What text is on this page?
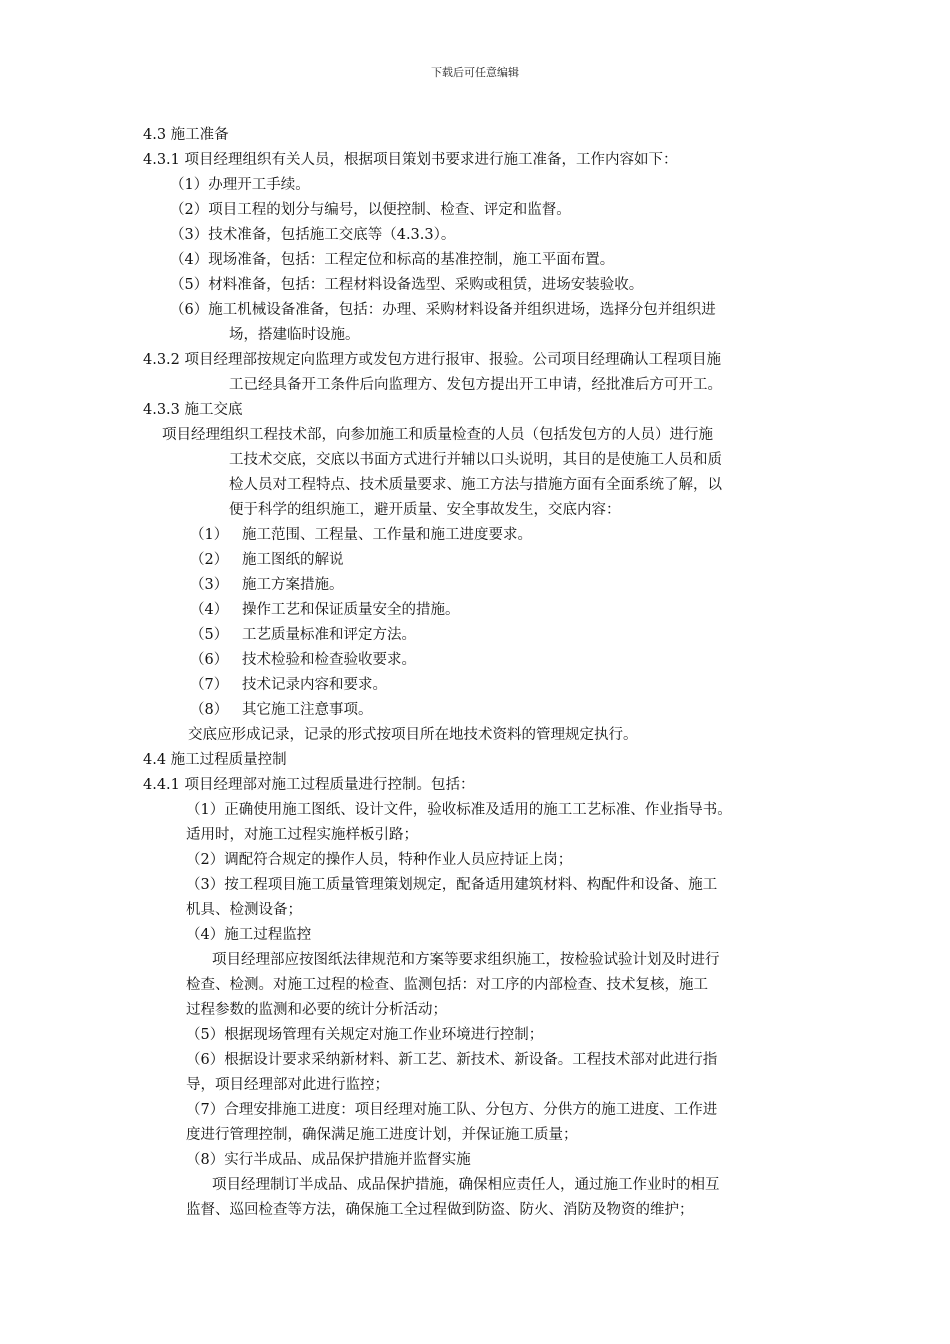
下载后可任意编辑
4.3 施工准备
4.3.1 项目经理组织有关人员，根据项目策划书要求进行施工准备，工作内容如下：
（1）办理开工手续。
（2）项目工程的划分与编号，以便控制、检查、评定和监督。
（3）技术准备，包括施工交底等（4.3.3）。
（4）现场准备，包括：工程定位和标高的基准控制，施工平面布置。
（5）材料准备，包括：工程材料设备选型、采购或租赁，进场安装验收。
（6）施工机械设备准备，包括：办理、采购材料设备并组织进场，选择分包并组织进
场，搭建临时设施。
4.3.2 项目经理部按规定向监理方或发包方进行报审、报验。公司项目经理确认工程项目施
工已经具备开工条件后向监理方、发包方提出开工申请，经批准后方可开工。
4.3.3 施工交底
项目经理组织工程技术部，向参加施工和质量检查的人员（包括发包方的人员）进行施
工技术交底，交底以书面方式进行并辅以口头说明，其目的是使施工人员和质
检人员对工程特点、技术质量要求、施工方法与措施方面有全面系统了解，以
便于科学的组织施工，避开质量、安全事故发生，交底内容：
（1） 施工范围、工程量、工作量和施工进度要求。
（2） 施工图纸的解说
（3） 施工方案措施。
（4） 操作工艺和保证质量安全的措施。
（5） 工艺质量标准和评定方法。
（6） 技术检验和检查验收要求。
（7） 技术记录内容和要求。
（8） 其它施工注意事项。
交底应形成记录，记录的形式按项目所在地技术资料的管理规定执行。
4.4 施工过程质量控制
4.4.1 项目经理部对施工过程质量进行控制。包括：
（1）正确使用施工图纸、设计文件，验收标准及适用的施工工艺标准、作业指导书。
适用时，对施工过程实施样板引路；
（2）调配符合规定的操作人员，特种作业人员应持证上岗；
（3）按工程项目施工质量管理策划规定，配备适用建筑材料、构配件和设备、施工
机具、检测设备；
（4）施工过程监控
项目经理部应按图纸法律规范和方案等要求组织施工，按检验试验计划及时进行
检查、检测。对施工过程的检查、监测包括：对工序的内部检查、技术复核，施工
过程参数的监测和必要的统计分析活动；
（5）根据现场管理有关规定对施工作业环境进行控制；
（6）根据设计要求采纳新材料、新工艺、新技术、新设备。工程技术部对此进行指
导，项目经理部对此进行监控；
（7）合理安排施工进度：项目经理对施工队、分包方、分供方的施工进度、工作进
度进行管理控制，确保满足施工进度计划，并保证施工质量；
（8）实行半成品、成品保护措施并监督实施
项目经理制订半成品、成品保护措施，确保相应责任人，通过施工作业时的相互
监督、巡回检查等方法，确保施工全过程做到防盗、防火、消防及物资的维护；
